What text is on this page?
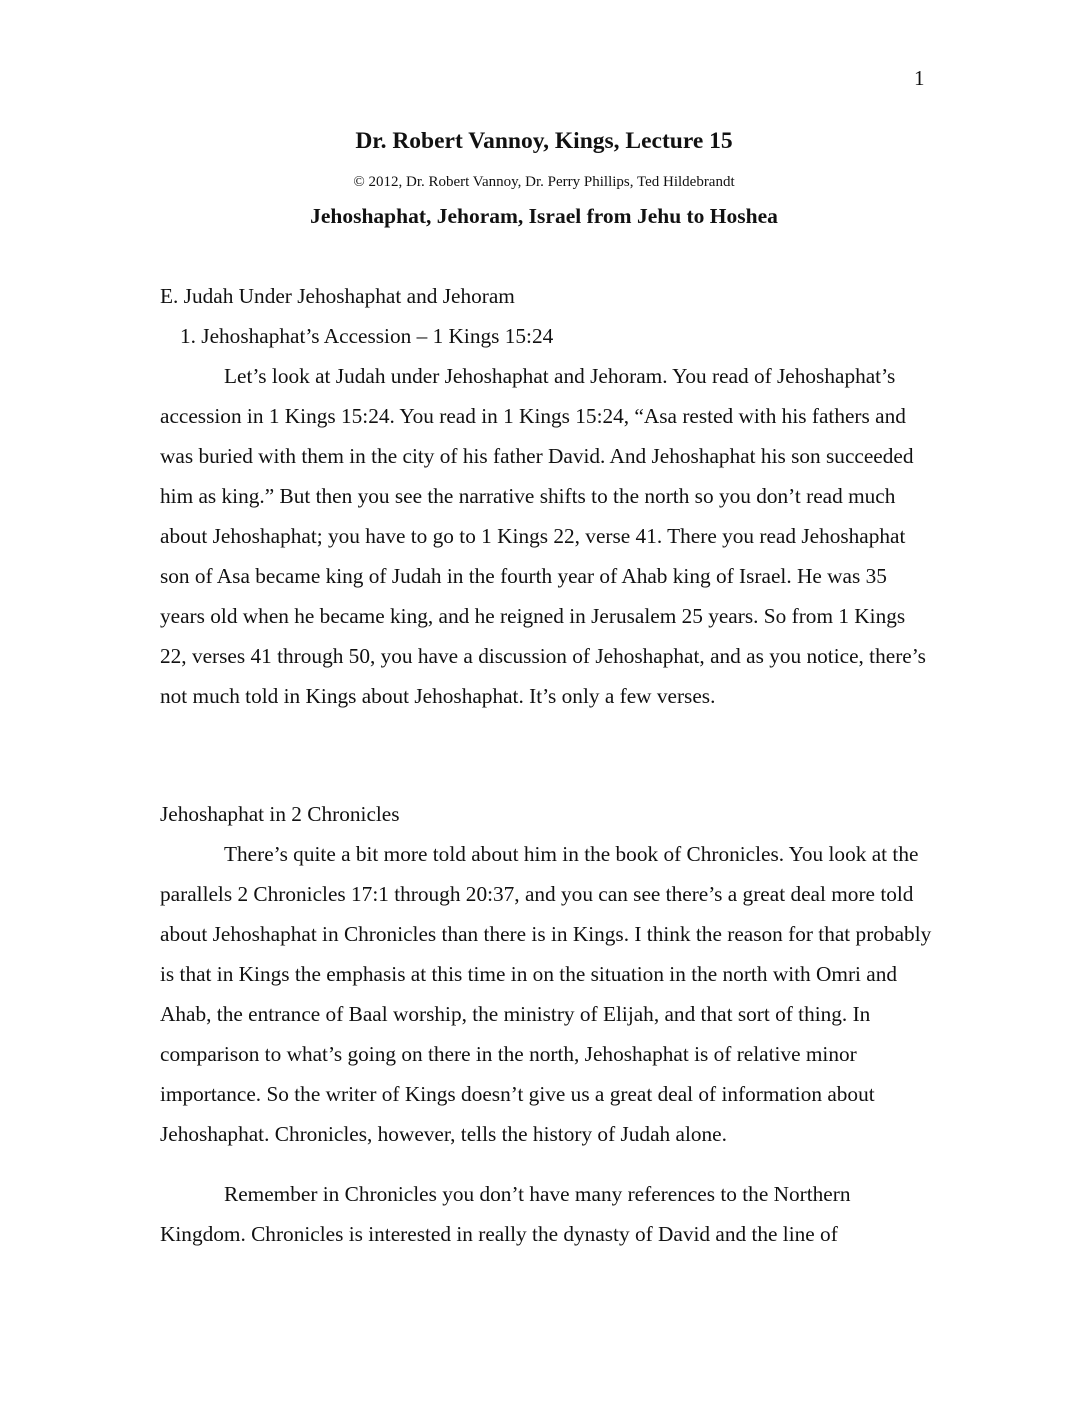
1
Dr. Robert Vannoy, Kings, Lecture 15
© 2012, Dr. Robert Vannoy, Dr. Perry Phillips, Ted Hildebrandt
Jehoshaphat, Jehoram, Israel from Jehu to Hoshea
E. Judah Under Jehoshaphat and Jehoram
1. Jehoshaphat’s Accession – 1 Kings 15:24

Let’s look at Judah under Jehoshaphat and Jehoram. You read of Jehoshaphat’s accession in 1 Kings 15:24. You read in 1 Kings 15:24, “Asa rested with his fathers and was buried with them in the city of his father David. And Jehoshaphat his son succeeded him as king.” But then you see the narrative shifts to the north so you don’t read much about Jehoshaphat; you have to go to 1 Kings 22, verse 41. There you read Jehoshaphat son of Asa became king of Judah in the fourth year of Ahab king of Israel. He was 35 years old when he became king, and he reigned in Jerusalem 25 years. So from 1 Kings 22, verses 41 through 50, you have a discussion of Jehoshaphat, and as you notice, there’s not much told in Kings about Jehoshaphat. It’s only a few verses.

Jehoshaphat in 2 Chronicles

There’s quite a bit more told about him in the book of Chronicles. You look at the parallels 2 Chronicles 17:1 through 20:37, and you can see there’s a great deal more told about Jehoshaphat in Chronicles than there is in Kings. I think the reason for that probably is that in Kings the emphasis at this time in on the situation in the north with Omri and Ahab, the entrance of Baal worship, the ministry of Elijah, and that sort of thing. In comparison to what’s going on there in the north, Jehoshaphat is of relative minor importance. So the writer of Kings doesn’t give us a great deal of information about Jehoshaphat. Chronicles, however, tells the history of Judah alone.

Remember in Chronicles you don’t have many references to the Northern Kingdom. Chronicles is interested in really the dynasty of David and the line of
